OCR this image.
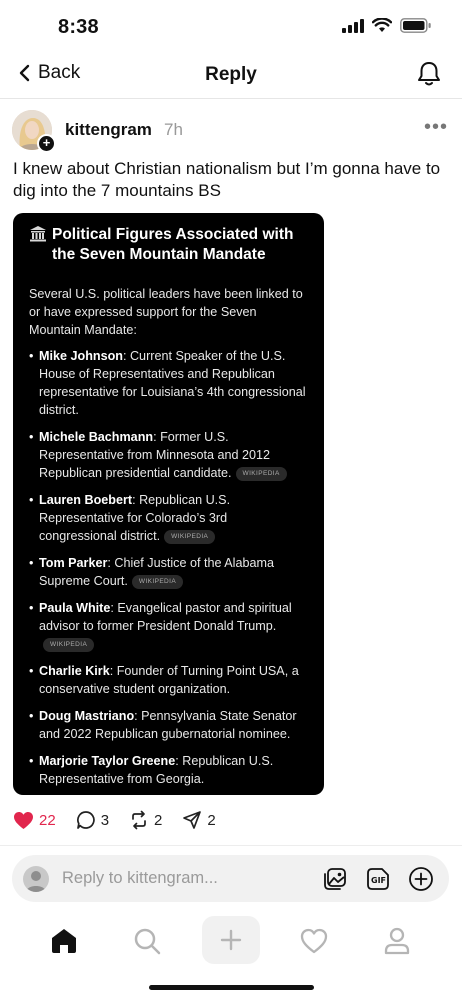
8:38
Back	Reply
+
kittengram 7h	•••
I knew about Christian nationalism but I’m gonna have to dig into the 7 mountains BS
Political Figures Associated with the Seven Mountain Mandate
Several U.S. political leaders have been linked to or have expressed support for the Seven Mountain Mandate:
• Mike Johnson: Current Speaker of the U.S. House of Representatives and Republican representative for Louisiana’s 4th congressional district.
• Michele Bachmann: Former U.S. Representative from Minnesota and 2012 Republican presidential candidate. WIKIPEDIA
• Lauren Boebert: Republican U.S. Representative for Colorado’s 3rd congressional district. WIKIPEDIA
• Tom Parker: Chief Justice of the Alabama Supreme Court. WIKIPEDIA
• Paula White: Evangelical pastor and spiritual advisor to former President Donald Trump.WIKIPEDIA
• Charlie Kirk: Founder of Turning Point USA, a conservative student organization.
• Doug Mastriano: Pennsylvania State Senator and 2022 Republican gubernatorial nominee.
• Marjorie Taylor Greene: Republican U.S. Representative from Georgia.
22	3	2	2
Reply to kittengram...	GIF
